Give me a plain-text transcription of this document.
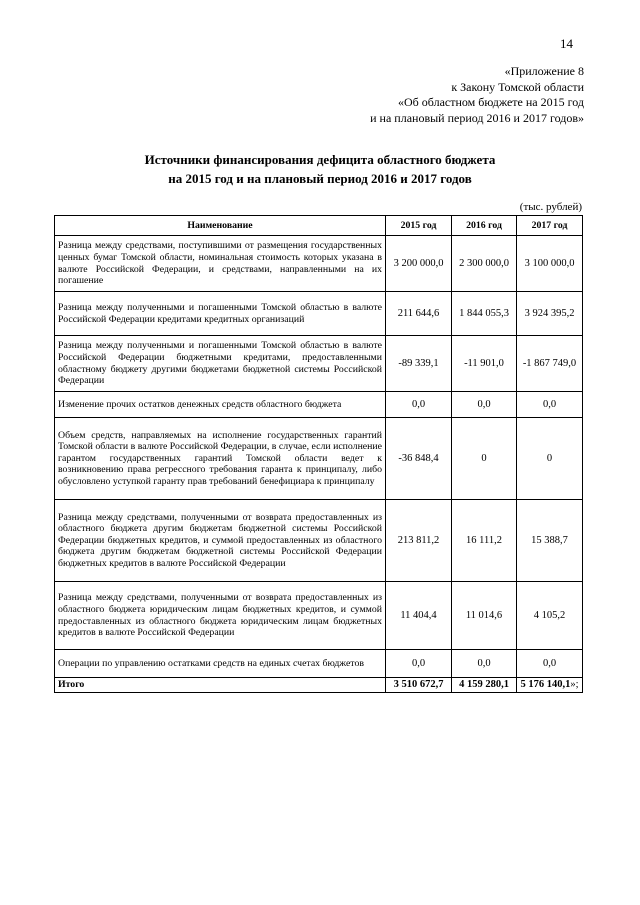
14
«Приложение 8
к Закону Томской области
«Об областном бюджете на 2015 год
и на плановый период 2016 и 2017 годов»
Источники финансирования дефицита областного бюджета
на 2015 год и на плановый период 2016 и 2017 годов
(тыс. рублей)
Наименование	2015 год	2016 год	2017 год
Разница между средствами, поступившими от размещения государственных ценных бумаг Томской области, номинальная стоимость которых указана в валюте Российской Федерации, и средствами, направленными на их погашение	3 200 000,0	2 300 000,0	3 100 000,0
Разница между полученными и погашенными Томской областью в валюте Российской Федерации кредитами кредитных организаций	211 644,6	1 844 055,3	3 924 395,2
Разница между полученными и погашенными Томской областью в валюте Российской Федерации бюджетными кредитами, предоставленными областному бюджету другими бюджетами бюджетной системы Российской Федерации	-89 339,1	-11 901,0	-1 867 749,0
Изменение прочих остатков денежных средств областного бюджета	0,0	0,0	0,0
Объем средств, направляемых на исполнение государственных гарантий Томской области в валюте Российской Федерации, в случае, если исполнение гарантом государственных гарантий Томской области ведет к возникновению права регрессного требования гаранта к принципалу, либо обусловлено уступкой гаранту прав требований бенефициара к принципалу	-36 848,4	0	0
Разница между средствами, полученными от возврата предоставленных из областного бюджета другим бюджетам бюджетной системы Российской Федерации бюджетных кредитов, и суммой предоставленных из областного бюджета другим бюджетам бюджетной системы Российской Федерации бюджетных кредитов в валюте Российской Федерации	213 811,2	16 111,2	15 388,7
Разница между средствами, полученными от возврата предоставленных из областного бюджета юридическим лицам бюджетных кредитов, и суммой предоставленных из областного бюджета юридическим лицам бюджетных кредитов в валюте Российской Федерации	11 404,4	11 014,6	4 105,2
Операции по управлению остатками средств на единых счетах бюджетов	0,0	0,0	0,0
Итого	3 510 672,7	4 159 280,1	5 176 140,1»;
